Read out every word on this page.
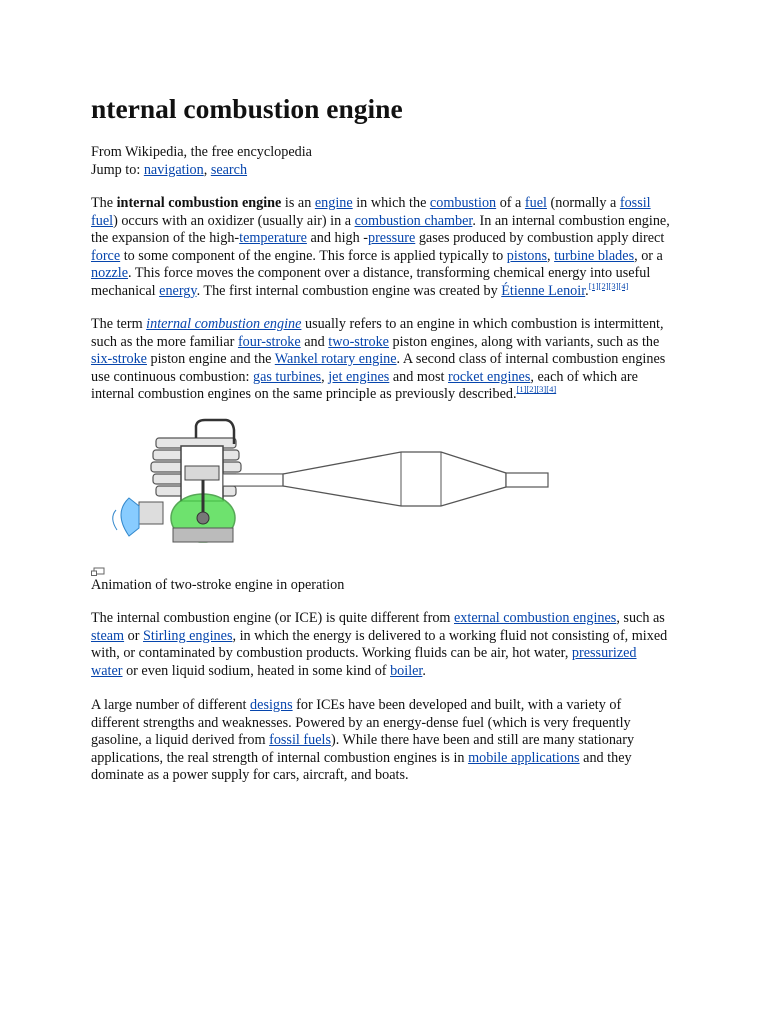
nternal combustion engine
From Wikipedia, the free encyclopedia
Jump to: navigation, search

The internal combustion engine is an engine in which the combustion of a fuel (normally a fossil fuel) occurs with an oxidizer (usually air) in a combustion chamber. In an internal combustion engine, the expansion of the high-temperature and high -pressure gases produced by combustion apply direct force to some component of the engine. This force is applied typically to pistons, turbine blades, or a nozzle. This force moves the component over a distance, transforming chemical energy into useful mechanical energy. The first internal combustion engine was created by Étienne Lenoir.[1][2][3][4]

The term internal combustion engine usually refers to an engine in which combustion is intermittent, such as the more familiar four-stroke and two-stroke piston engines, along with variants, such as the six-stroke piston engine and the Wankel rotary engine. A second class of internal combustion engines use continuous combustion: gas turbines, jet engines and most rocket engines, each of which are internal combustion engines on the same principle as previously described.[1][2][3][4]

Animation of two-stroke engine in operation

The internal combustion engine (or ICE) is quite different from external combustion engines, such as steam or Stirling engines, in which the energy is delivered to a working fluid not consisting of, mixed with, or contaminated by combustion products. Working fluids can be air, hot water, pressurized water or even liquid sodium, heated in some kind of boiler.

A large number of different designs for ICEs have been developed and built, with a variety of different strengths and weaknesses. Powered by an energy-dense fuel (which is very frequently gasoline, a liquid derived from fossil fuels). While there have been and still are many stationary applications, the real strength of internal combustion engines is in mobile applications and they dominate as a power supply for cars, aircraft, and boats.
